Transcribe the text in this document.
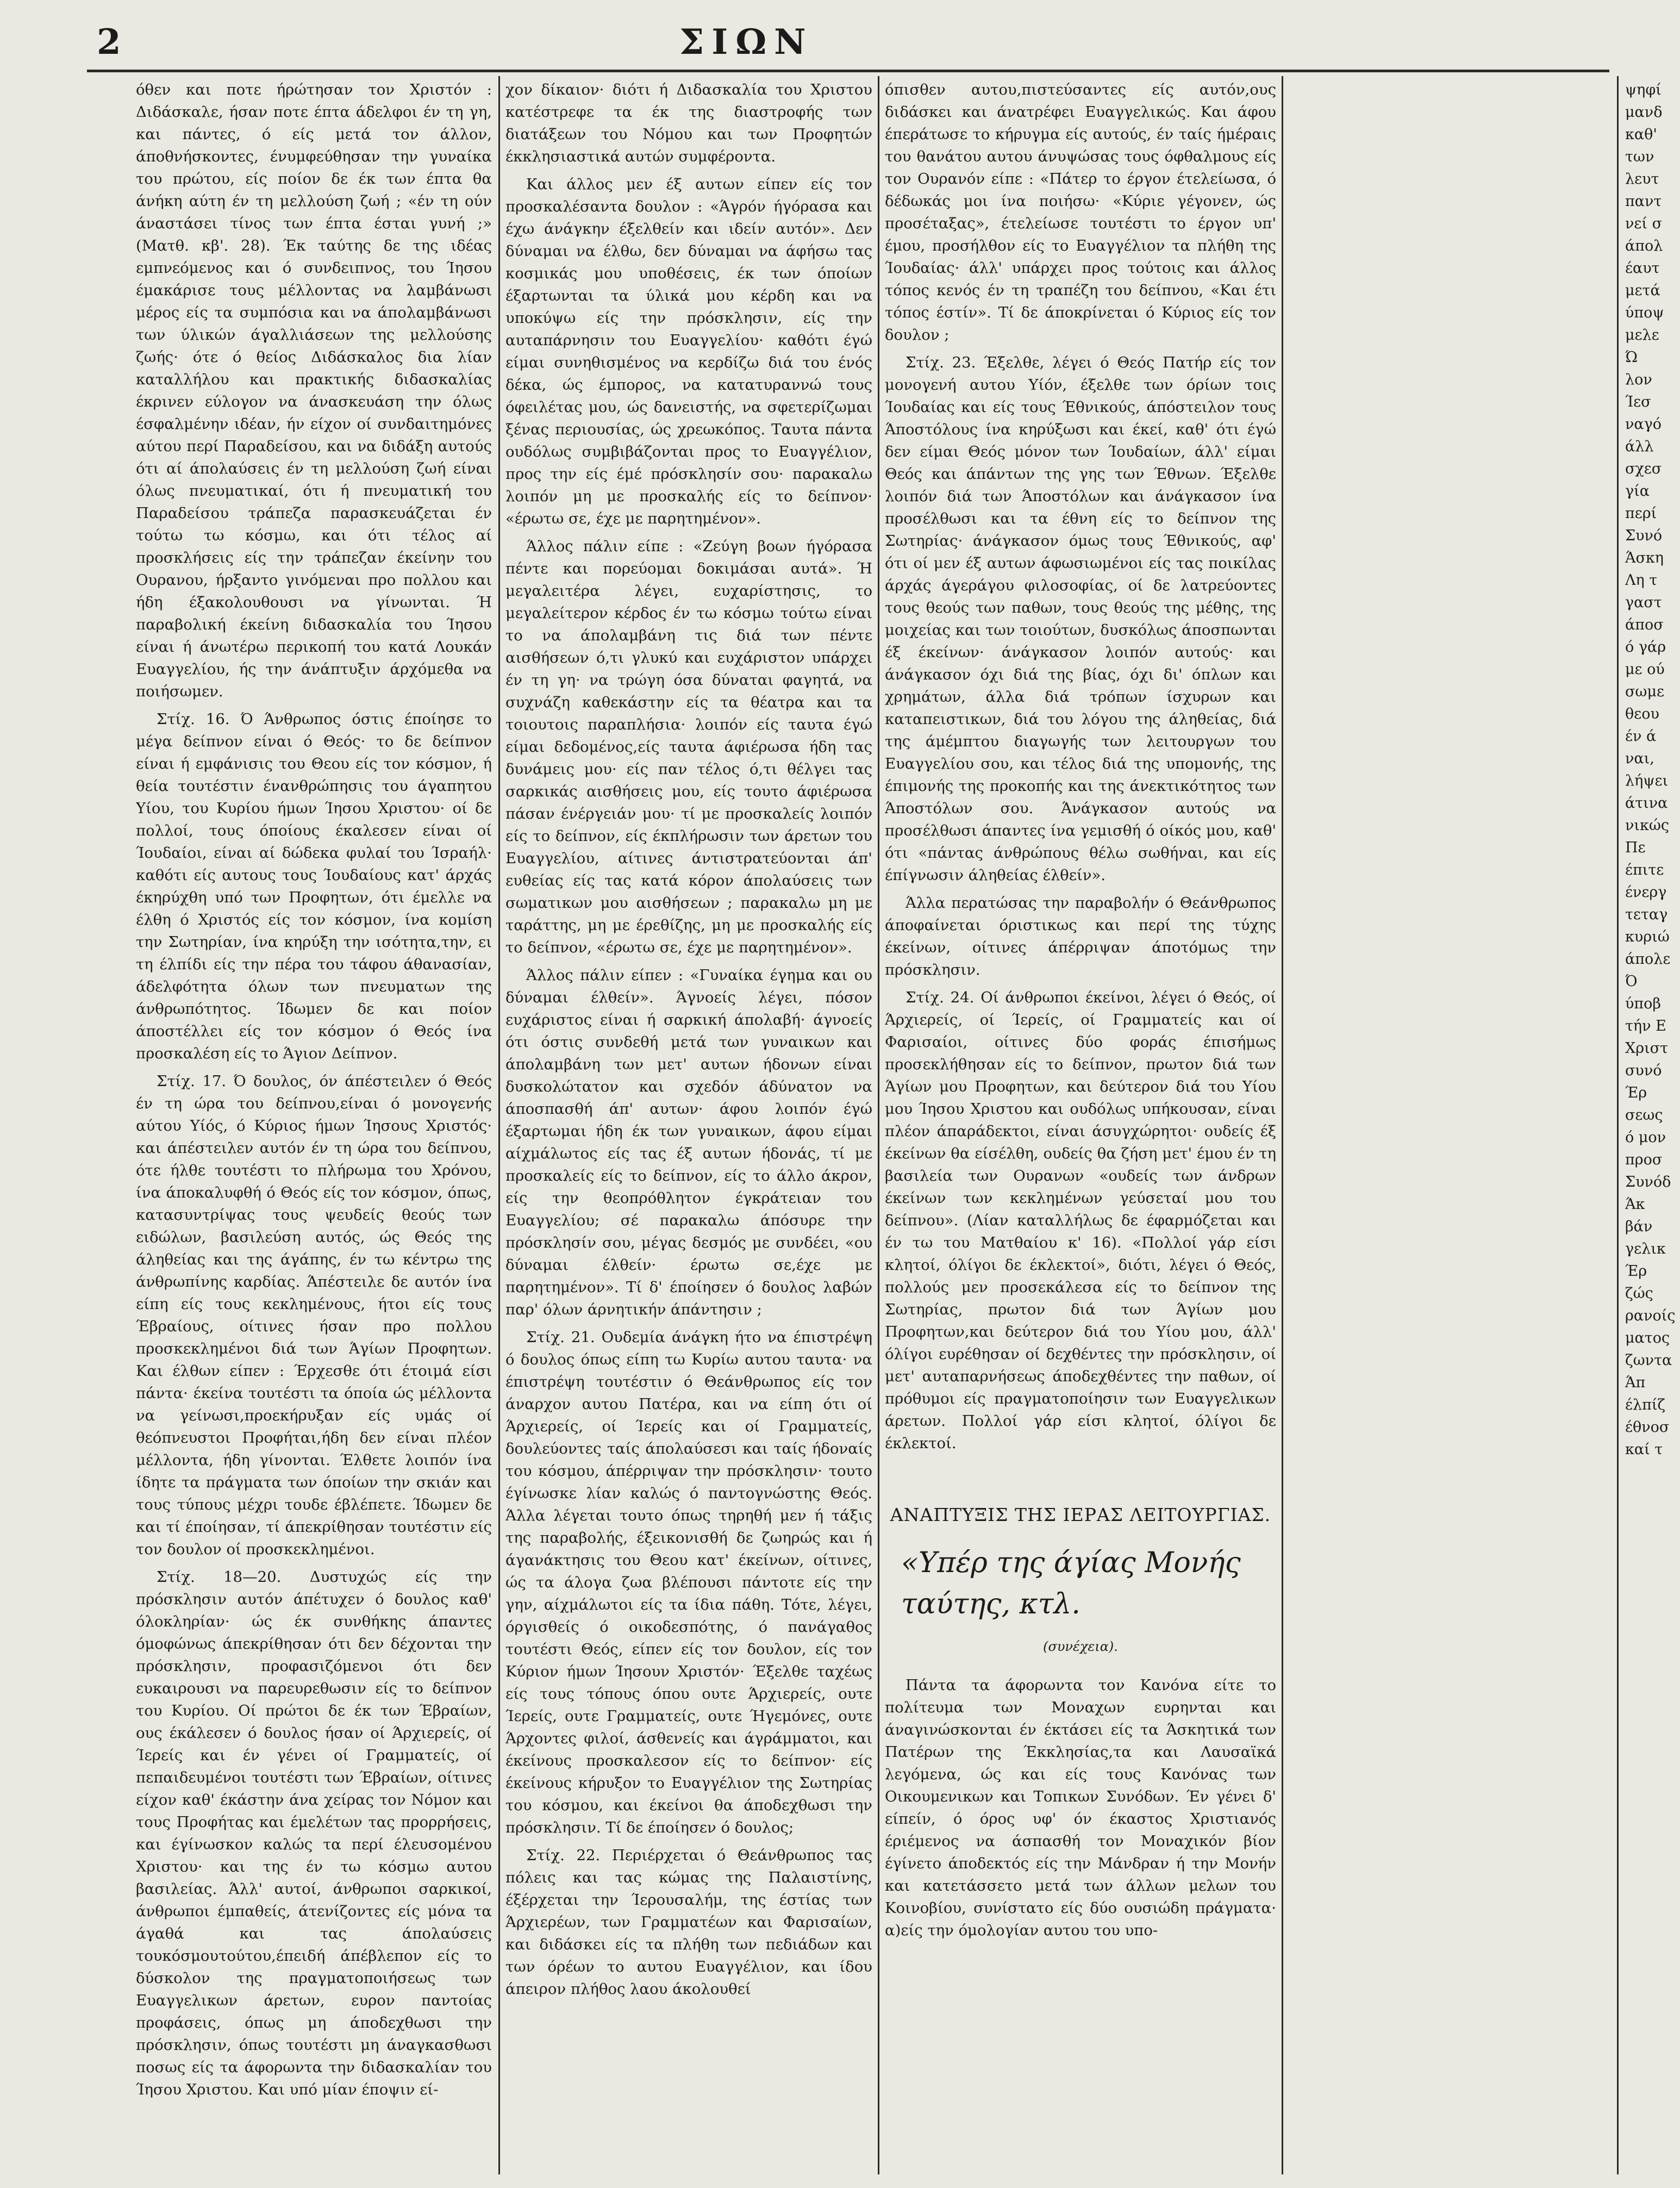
2	ΣΙΩΝ

όθεν και ποτε ήρώτησαν τον Χριστόν : Διδάσκαλε, ήσαν ποτε έπτα άδελφοι έν τη γη, και πάντες, ό είς μετά τον άλλον, άποθνήσκοντες, ένυμφεύθησαν την γυναίκα του πρώτου, είς ποίον δε έκ των έπτα θα άνήκη αύτη έν τη μελλούση ζωή ; «έν τη ούν άναστάσει τίνος των έπτα έσται γυνή ;» (Ματθ. κβ'. 28). Έκ ταύτης δε της ιδέας εμπνεόμενος και ό συνδειπνος, του Ίησου έμακάρισε τους μέλλοντας να λαμβάνωσι μέρος είς τα συμπόσια και να άπολαμβάνωσι των ύλικών άγαλλιάσεων της μελλούσης ζωής· ότε ό θείος Διδάσκαλος δια λίαν καταλλήλου και πρακτικής διδασκαλίας έκρινεν εύλογον να άνασκευάση την όλως έσφαλμένην ιδέαν, ήν είχον οί συνδαιτημόνες αύτου περί Παραδείσου, και να διδάξη αυτούς ότι αί άπολαύσεις έν τη μελλούση ζωή είναι όλως πνευματικαί, ότι ή πνευματική του Παραδείσου τράπεζα παρασκευάζεται έν τούτω τω κόσμω, και ότι τέλος αί προσκλήσεις είς την τράπεζαν έκείνην του Ουρανου, ήρξαντο γινόμεναι προ πολλου και ήδη έξακολουθουσι να γίνωνται. Ή παραβολική έκείνη διδασκαλία του Ίησου είναι ή άνωτέρω περικοπή του κατά Λουκάν Ευαγγελίου, ής την άνάπτυξιν άρχόμεθα να ποιήσωμεν.

Στίχ. 16. Ό Άνθρωπος όστις έποίησε το μέγα δείπνον είναι ό Θεός· το δε δείπνον είναι ή εμφάνισις του Θεου είς τον κόσμον, ή θεία τουτέστιν ένανθρώπησις του άγαπητου Υίου, του Κυρίου ήμων Ίησου Χριστου· οί δε πολλοί, τους όποίους έκαλεσεν είναι οί Ίουδαίοι, είναι αί δώδεκα φυλαί του Ίσραήλ· καθότι είς αυτους τους Ίουδαίους κατ' άρχάς έκηρύχθη υπό των Προφητων, ότι έμελλε να έλθη ό Χριστός είς τον κόσμον, ίνα κομίση την Σωτηρίαν, ίνα κηρύξη την ισότητα,την, ει τη έλπίδι είς την πέρα του τάφου άθανασίαν, άδελφότητα όλων των πνευματων της άνθρωπότητος. Ίδωμεν δε και ποίον άποστέλλει είς τον κόσμον ό Θεός ίνα προσκαλέση είς το Άγιον Δείπνον.

Στίχ. 17. Ό δουλος, όν άπέστειλεν ό Θεός έν τη ώρα του δείπνου,είναι ό μονογενής αύτου Υίός, ό Κύριος ήμων Ίησους Χριστός· και άπέστειλεν αυτόν έν τη ώρα του δείπνου, ότε ήλθε τουτέστι το πλήρωμα του Χρόνου, ίνα άποκαλυφθή ό Θεός είς τον κόσμον, όπως, κατασυντρίψας τους ψευδείς θεούς των ειδώλων, βασιλεύση αυτός, ώς Θεός της άληθείας και της άγάπης, έν τω κέντρω της άνθρωπίνης καρδίας. Άπέστειλε δε αυτόν ίνα είπη είς τους κεκλημένους, ήτοι είς τους Έβραίους, οίτινες ήσαν προ πολλου προσκεκλημένοι διά των Άγίων Προφητων. Και έλθων είπεν : Έρχεσθε ότι έτοιμά είσι πάντα· έκείνα τουτέστι τα όποία ώς μέλλοντα να γείνωσι,προεκήρυξαν είς υμάς οί θεόπνευστοι Προφήται,ήδη δεν είναι πλέον μέλλοντα, ήδη γίνονται. Έλθετε λοιπόν ίνα ίδητε τα πράγματα των όποίων την σκιάν και τους τύπους μέχρι τουδε έβλέπετε. Ίδωμεν δε και τί έποίησαν, τί άπεκρίθησαν τουτέστιν είς τον δουλον οί προσκεκλημένοι.

Στίχ. 18—20. Δυστυχώς είς την πρόσκλησιν αυτόν άπέτυχεν ό δουλος καθ' όλοκληρίαν· ώς έκ συνθήκης άπαντες όμοφώνως άπεκρίθησαν ότι δεν δέχονται την πρόσκλησιν, προφασιζόμενοι ότι δεν ευκαιρουσι να παρευρεθωσιν είς το δείπνον του Κυρίου. Οί πρώτοι δε έκ των Έβραίων, ους έκάλεσεν ό δουλος ήσαν οί Άρχιερείς, οί Ίερείς και έν γένει οί Γραμματείς, οί πεπαιδευμένοι τουτέστι των Έβραίων, οίτινες είχον καθ' έκάστην άνα χείρας τον Νόμον και τους Προφήτας και έμελέτων τας προρρήσεις, και έγίνωσκον καλώς τα περί έλευσομένου Χριστου· και της έν τω κόσμω αυτου βασιλείας. Άλλ' αυτοί, άνθρωποι σαρκικοί, άνθρωποι έμπαθείς, άτενίζοντες είς μόνα τα άγαθά και τας άπολαύσεις τουκόσμουτούτου,έπειδή άπέβλεπον είς το δύσκολον της πραγματοποιήσεως των Ευαγγελικων άρετων, ευρον παντοίας προφάσεις, όπως μη άποδεχθωσι την πρόσκλησιν, όπως τουτέστι μη άναγκασθωσι ποσως είς τα άφορωντα την διδασκαλίαν του Ίησου Χριστου. Και υπό μίαν έποψιν εί-

χον δίκαιον· διότι ή Διδασκαλία του Χριστου κατέστρεφε τα έκ της διαστροφής των διατάξεων του Νόμου και των Προφητών έκκλησιαστικά αυτών συμφέροντα.

Και άλλος μεν έξ αυτων είπεν είς τον προσκαλέσαντα δουλον : «Άγρόν ήγόρασα και έχω άνάγκην έξελθείν και ιδείν αυτόν». Δεν δύναμαι να έλθω, δεν δύναμαι να άφήσω τας κοσμικάς μου υποθέσεις, έκ των όποίων έξαρτωνται τα ύλικά μου κέρδη και να υποκύψω είς την πρόσκλησιν, είς την αυταπάρνησιν του Ευαγγελίου· καθότι έγώ είμαι συνηθισμένος να κερδίζω διά του ένός δέκα, ώς έμπορος, να κατατυραννώ τους όφειλέτας μου, ώς δανειστής, να σφετερίζωμαι ξένας περιουσίας, ώς χρεωκόπος. Ταυτα πάντα ουδόλως συμβιβάζονται προς το Ευαγγέλιον, προς την είς έμέ πρόσκλησίν σου· παρακαλω λοιπόν μη με προσκαλής είς το δείπνον· «έρωτω σε, έχε με παρητημένον».

Άλλος πάλιν είπε : «Ζεύγη βοων ήγόρασα πέντε και πορεύομαι δοκιμάσαι αυτά». Ή μεγαλειτέρα λέγει, ευχαρίστησις, το μεγαλείτερον κέρδος έν τω κόσμω τούτω είναι το να άπολαμβάνη τις διά των πέντε αισθήσεων ό,τι γλυκύ και ευχάριστον υπάρχει έν τη γη· να τρώγη όσα δύναται φαγητά, να συχνάζη καθεκάστην είς τα θέατρα και τα τοιουτοις παραπλήσια· λοιπόν είς ταυτα έγώ είμαι δεδομένος,είς ταυτα άφιέρωσα ήδη τας δυνάμεις μου· είς παν τέλος ό,τι θέλγει τας σαρκικάς αισθήσεις μου, είς τουτο άφιέρωσα πάσαν ένέργειάν μου· τί με προσκαλείς λοιπόν είς το δείπνον, είς έκπλήρωσιν των άρετων του Ευαγγελίου, αίτινες άντιστρατεύονται άπ' ευθείας είς τας κατά κόρον άπολαύσεις των σωματικων μου αισθήσεων ; παρακαλω μη με ταράττης, μη με έρεθίζης, μη με προσκαλής είς το δείπνον, «έρωτω σε, έχε με παρητημένον».

Άλλος πάλιν είπεν : «Γυναίκα έγημα και ου δύναμαι έλθείν». Άγνοείς λέγει, πόσον ευχάριστος είναι ή σαρκική άπολαβή· άγνοείς ότι όστις συνδεθή μετά των γυναικων και άπολαμβάνη των μετ' αυτων ήδονων είναι δυσκολώτατον και σχεδόν άδύνατον να άποσπασθή άπ' αυτων· άφου λοιπόν έγώ έξαρτωμαι ήδη έκ των γυναικων, άφου είμαι αίχμάλωτος είς τας έξ αυτων ήδονάς, τί με προσκαλείς είς το δείπνον, είς το άλλο άκρον, είς την θεοπρόθλητον έγκράτειαν του Ευαγγελίου; σέ παρακαλω άπόσυρε την πρόσκλησίν σου, μέγας δεσμός με συνδέει, «ου δύναμαι έλθείν· έρωτω σε,έχε με παρητημένον». Τί δ' έποίησεν ό δουλος λαβών παρ' όλων άρνητικήν άπάντησιν ;

Στίχ. 21. Ουδεμία άνάγκη ήτο να έπιστρέψη ό δουλος όπως είπη τω Κυρίω αυτου ταυτα· να έπιστρέψη τουτέστιν ό Θεάνθρωπος είς τον άναρχον αυτου Πατέρα, και να είπη ότι οί Άρχιερείς, οί Ίερείς και οί Γραμματείς, δουλεύοντες ταίς άπολαύσεσι και ταίς ήδοναίς του κόσμου, άπέρριψαν την πρόσκλησιν· τουτο έγίνωσκε λίαν καλώς ό παντογνώστης Θεός. Άλλα λέγεται τουτο όπως τηρηθή μεν ή τάξις της παραβολής, έξεικονισθή δε ζωηρώς και ή άγανάκτησις του Θεου κατ' έκείνων, οίτινες, ώς τα άλογα ζωα βλέπουσι πάντοτε είς την γην, αίχμάλωτοι είς τα ίδια πάθη. Τότε, λέγει, όργισθείς ό οικοδεσπότης, ό πανάγαθος τουτέστι Θεός, είπεν είς τον δουλον, είς τον Κύριον ήμων Ίησουν Χριστόν· Έξελθε ταχέως είς τους τόπους όπου ουτε Άρχιερείς, ουτε Ίερείς, ουτε Γραμματείς, ουτε Ήγεμόνες, ουτε Άρχοντες φιλοί, άσθενείς και άγράμματοι, και έκείνους προσκαλεσον είς το δείπνον· είς έκείνους κήρυξον το Ευαγγέλιον της Σωτηρίας του κόσμου, και έκείνοι θα άποδεχθωσι την πρόσκλησιν. Τί δε έποίησεν ό δουλος;

Στίχ. 22. Περιέρχεται ό Θεάνθρωπος τας πόλεις και τας κώμας της Παλαιστίνης, έξέρχεται την Ίερουσαλήμ, της έστίας των Άρχιερέων, των Γραμματέων και Φαρισαίων, και διδάσκει είς τα πλήθη των πεδιάδων και των όρέων το αυτου Ευαγγέλιον, και ίδου άπειρον πλήθος λαου άκολουθεί

όπισθεν αυτου,πιστεύσαντες είς αυτόν,ους διδάσκει και άνατρέφει Ευαγγελικώς. Και άφου έπεράτωσε το κήρυγμα είς αυτούς, έν ταίς ήμέραις του θανάτου αυτου άνυψώσας τους όφθαλμους είς τον Ουρανόν είπε : «Πάτερ το έργον έτελείωσα, ό δέδωκάς μοι ίνα ποιήσω· «Κύριε γέγονεν, ώς προσέταξας», έτελείωσε τουτέστι το έργον υπ' έμου, προσήλθον είς το Ευαγγέλιον τα πλήθη της Ίουδαίας· άλλ' υπάρχει προς τούτοις και άλλος τόπος κενός έν τη τραπέζη του δείπνου, «Και έτι τόπος έστίν». Τί δε άποκρίνεται ό Κύριος είς τον δουλον ;

Στίχ. 23. Έξελθε, λέγει ό Θεός Πατήρ είς τον μονογενή αυτου Υίόν, έξελθε των όρίων τοις Ίουδαίας και είς τους Έθνικούς, άπόστειλον τους Άποστόλους ίνα κηρύξωσι και έκεί, καθ' ότι έγώ δεν είμαι Θεός μόνον των Ίουδαίων, άλλ' είμαι Θεός και άπάντων της γης των Έθνων. Έξελθε λοιπόν διά των Άποστόλων και άνάγκασον ίνα προσέλθωσι και τα έθνη είς το δείπνον της Σωτηρίας· άνάγκασον όμως τους Έθνικούς, αφ' ότι οί μεν έξ αυτων άφωσιωμένοι είς τας ποικίλας άρχάς άγεράγου φιλοσοφίας, οί δε λατρεύοντες τους θεούς των παθων, τους θεούς της μέθης, της μοιχείας και των τοιούτων, δυσκόλως άποσπωνται έξ έκείνων· άνάγκασον λοιπόν αυτούς· και άνάγκασον όχι διά της βίας, όχι δι' όπλων και χρημάτων, άλλα διά τρόπων ίσχυρων και καταπειστικων, διά του λόγου της άληθείας, διά της άμέμπτου διαγωγής των λειτουργων του Ευαγγελίου σου, και τέλος διά της υπομονής, της έπιμονής της προκοπής και της άνεκτικότητος των Άποστόλων σου. Άνάγκασον αυτούς να προσέλθωσι άπαντες ίνα γεμισθή ό οίκός μου, καθ' ότι «πάντας άνθρώπους θέλω σωθήναι, και είς έπίγνωσιν άληθείας έλθείν».

Άλλα περατώσας την παραβολήν ό Θεάνθρωπος άποφαίνεται όριστικως και περί της τύχης έκείνων, οίτινες άπέρριψαν άποτόμως την πρόσκλησιν.

Στίχ. 24. Οί άνθρωποι έκείνοι, λέγει ό Θεός, οί Άρχιερείς, οί Ίερείς, οί Γραμματείς και οί Φαρισαίοι, οίτινες δύο φοράς έπισήμως προσεκλήθησαν είς το δείπνον, πρωτον διά των Άγίων μου Προφητων, και δεύτερον διά του Υίου μου Ίησου Χριστου και ουδόλως υπήκουσαν, είναι πλέον άπαράδεκτοι, είναι άσυγχώρητοι· ουδείς έξ έκείνων θα είσέλθη, ουδείς θα ζήση μετ' έμου έν τη βασιλεία των Ουρανων «ουδείς των άνδρων έκείνων των κεκλημένων γεύσεταί μου του δείπνου». (Λίαν καταλλήλως δε έφαρμόζεται και έν τω του Ματθαίου κ' 16). «Πολλοί γάρ είσι κλητοί, όλίγοι δε έκλεκτοί», διότι, λέγει ό Θεός, πολλούς μεν προσεκάλεσα είς το δείπνον της Σωτηρίας, πρωτον διά των Άγίων μου Προφητων,και δεύτερον διά του Υίου μου, άλλ' όλίγοι ευρέθησαν οί δεχθέντες την πρόσκλησιν, οί μετ' αυταπαρνήσεως άποδεχθέντες την παθων, οί πρόθυμοι είς πραγματοποίησιν των Ευαγγελικων άρετων. Πολλοί γάρ είσι κλητοί, όλίγοι δε έκλεκτοί.

ΑΝΑΠΤΥΞΙΣ ΤΗΣ ΙΕΡΑΣ ΛΕΙΤΟΥΡΓΙΑΣ.
«Υπέρ της άγίας Μονής ταύτης, κτλ.
(συνέχεια).

Πάντα τα άφορωντα τον Κανόνα είτε το πολίτευμα των Μοναχων ευρηνται και άναγινώσκονται έν έκτάσει είς τα Άσκητικά των Πατέρων της Έκκλησίας,τα και Λαυσαϊκά λεγόμενα, ώς και είς τους Κανόνας των Οικουμενικων και Τοπικων Συνόδων. Έν γένει δ' είπείν, ό όρος υφ' όν έκαστος Χριστιανός έριέμενος να άσπασθή τον Μοναχικόν βίον έγίνετο άποδεκτός είς την Μάνδραν ή την Μονήν και κατετάσσετο μετά των άλλων μελων του Κοινοβίου, συνίστατο είς δύο ουσιώδη πράγματα· α)είς την όμολογίαν αυτου του υπο-

ψηφί
μανδ
καθ'
των
λευτ
παντ
νεί σ
άπολ
έαυτ
μετά
ύποψ
μελε
Ώ
λον
Ίεσ
ναγό
άλλ
σχεσ
γία
περί
Συνό
Άσκη
Λη τ
γαστ
άποσ
ό γάρ
με ού
σωμε
θεου
έν ά
ναι,
λήψει
άτινα
νικώς
Πε
έπιτε
ένεργ
τεταγ
κυριώ
άπολε
Ό
ύποβ
τήν Ε
Χριστ
συνό
Έρ
σεως
ό μον
προσ
Συνόδ
Άκ
βάν
γελικ
Έρ
ζώς
ρανοίς
ματος
ζωντα
Άπ
έλπίζ
έθνοσ
καί τ
